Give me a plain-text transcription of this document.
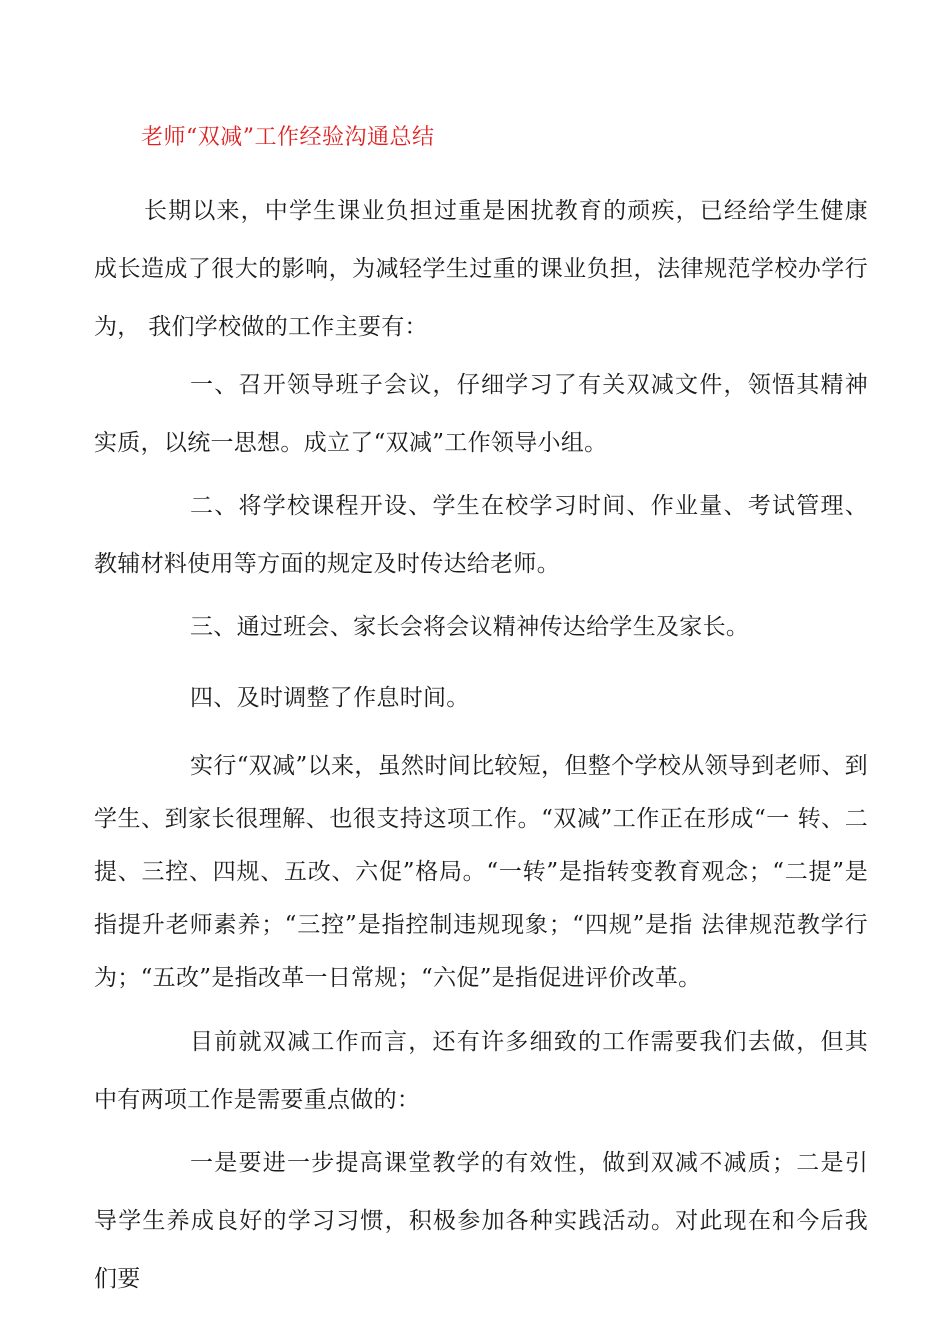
老师“双减”工作经验沟通总结

长期以来，中学生课业负担过重是困扰教育的顽疾，已经给学生健康 成长造成了很大的影响，为减轻学生过重的课业负担，法律规范学校办学行为， 我们学校做的工作主要有：

一、召开领导班子会议，仔细学习了有关双减文件，领悟其精神 实质，以统一思想。成立了“双减”工作领导小组。

二、将学校课程开设、学生在校学习时间、作业量、考试管理、 教辅材料使用等方面的规定及时传达给老师。

三、通过班会、家长会将会议精神传达给学生及家长。

四、及时调整了作息时间。

实行“双减”以来，虽然时间比较短，但整个学校从领导到老师、到学生、到家长很理解、也很支持这项工作。“双减”工作正在形成“一 转、二提、三控、四规、五改、六促”格局。“一转”是指转变教育观念；“二提”是指提升老师素养；“三控”是指控制违规现象；“四规”是指 法律规范教学行为；“五改”是指改革一日常规；“六促”是指促进评价改革。

目前就双减工作而言，还有许多细致的工作需要我们去做，但其 中有两项工作是需要重点做的：

一是要进一步提高课堂教学的有效性，做到双减不减质；二是引 导学生养成良好的学习习惯，积极参加各种实践活动。对此现在和今后我 们要
